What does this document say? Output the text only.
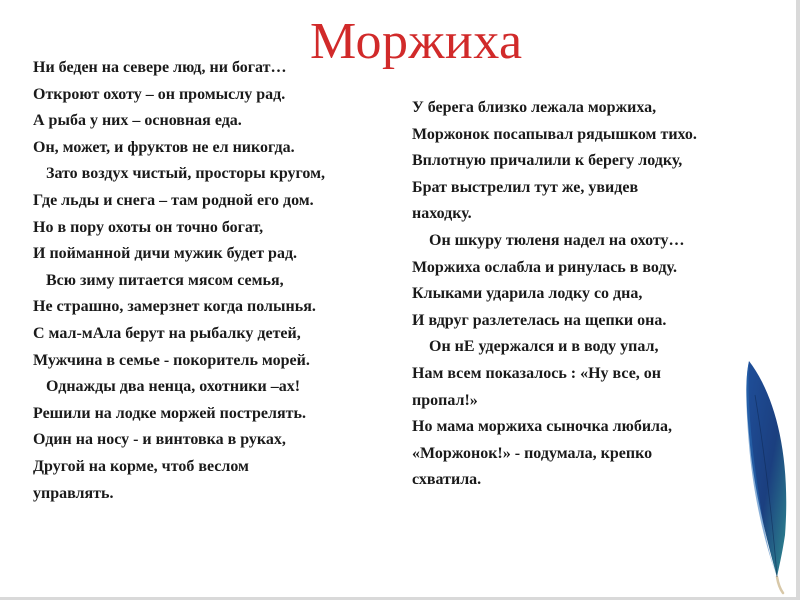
Моржиха
Ни беден на севере люд, ни богат…
Откроют охоту – он промыслу рад.
А рыба у них – основная еда.
Он, может, и фруктов не ел никогда.
Зато воздух чистый, просторы кругом,
Где льды и снега – там родной его дом.
Но в пору охоты он точно богат,
И пойманной дичи мужик будет рад.
Всю зиму питается мясом семья,
Не страшно, замерзнет когда полынья.
С мал-мАла берут на рыбалку детей,
Мужчина в семье - покоритель морей.
Однажды два ненца, охотники –ах!
Решили на лодке моржей пострелять.
Один на носу - и винтовка в руках,
Другой на корме, чтоб веслом
управлять.
У берега близко лежала моржиха,
Моржонок посапывал рядышком тихо.
Вплотную причалили к берегу лодку,
Брат выстрелил тут же, увидев
находку.
Он шкуру тюленя надел на охоту…
Моржиха ослабла и ринулась в воду.
Клыками ударила лодку со дна,
И вдруг разлетелась на щепки она.
Он нЕ удержался и в воду упал,
Нам всем показалось : «Ну все, он
пропал!»
Но мама моржиха сыночка любила,
«Моржонок!» - подумала, крепко
схватила.
